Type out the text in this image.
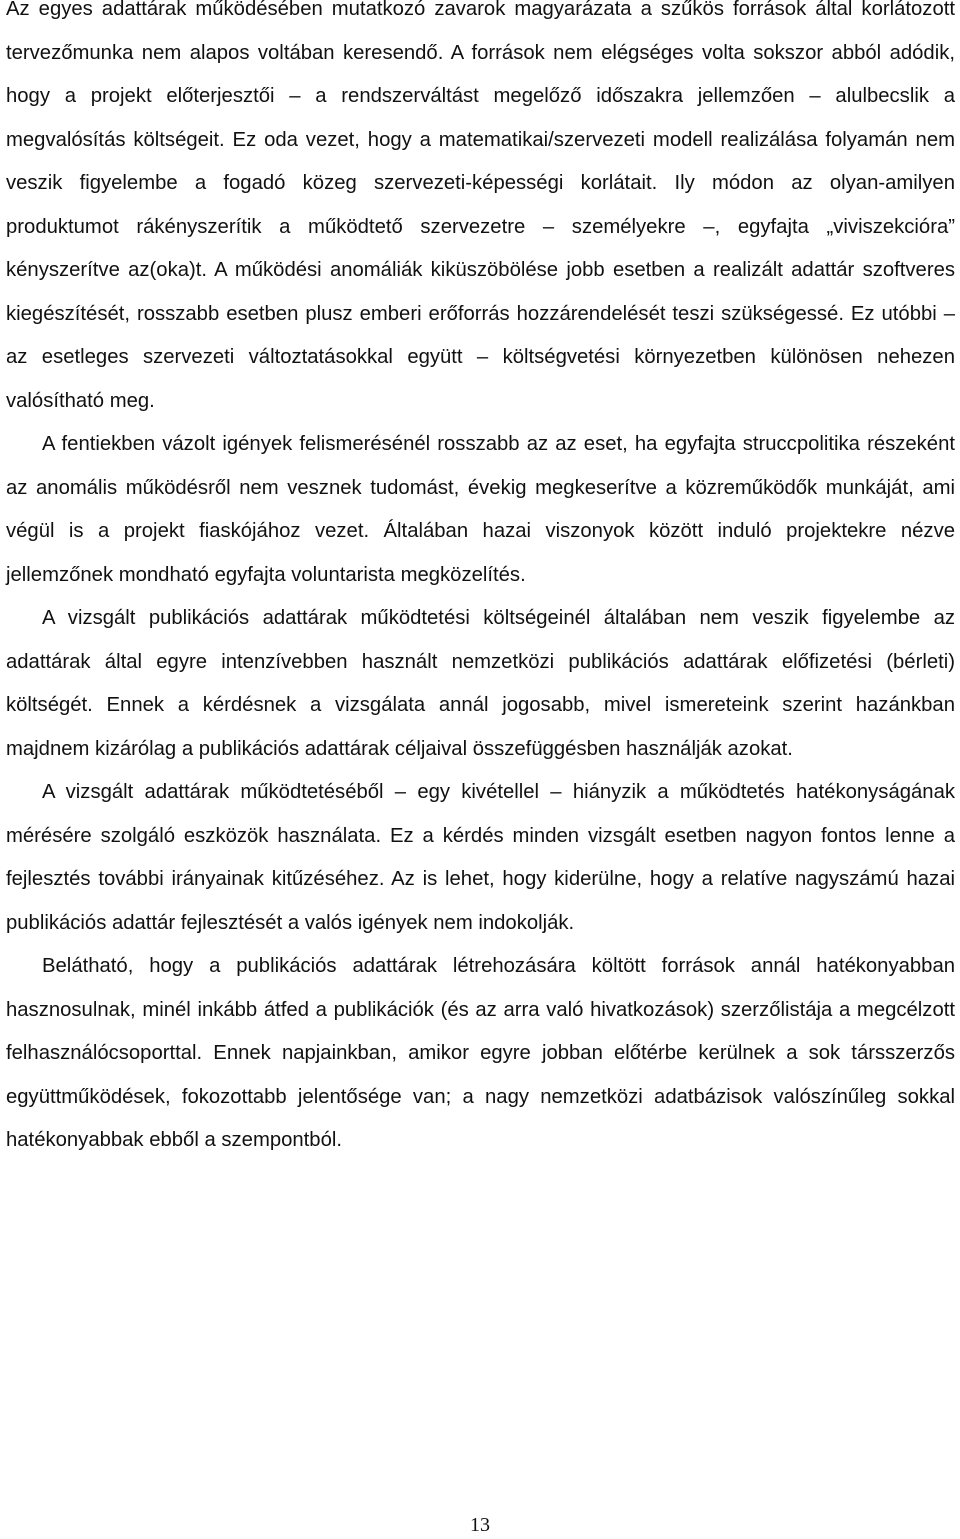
Az egyes adattárak működésében mutatkozó zavarok magyarázata a szűkös források által korlátozott tervezőmunka nem alapos voltában keresendő. A források nem elégséges volta sokszor abból adódik, hogy a projekt előterjesztői – a rendszerváltást megelőző időszakra jellemzően – alulbecslik a megvalósítás költségeit. Ez oda vezet, hogy a matematikai/szervezeti modell realizálása folyamán nem veszik figyelembe a fogadó közeg szervezeti-képességi korlátait. Ily módon az olyan-amilyen produktumot rákényszerítik a működtető szervezetre – személyekre –, egyfajta „viviszekcióra” kényszerítve az(oka)t. A működési anomáliák kiküszöbölése jobb esetben a realizált adattár szoftveres kiegészítését, rosszabb esetben plusz emberi erőforrás hozzárendelését teszi szükségessé. Ez utóbbi – az esetleges szervezeti változtatásokkal együtt – költségvetési környezetben különösen nehezen valósítható meg.

A fentiekben vázolt igények felismerésénél rosszabb az az eset, ha egyfajta struccpolitika részeként az anomális működésről nem vesznek tudomást, évekig megkeserítve a közreműködők munkáját, ami végül is a projekt fiaskójához vezet. Általában hazai viszonyok között induló projektekre nézve jellemzőnek mondható egyfajta voluntarista megközelítés.

A vizsgált publikációs adattárak működtetési költségeinél általában nem veszik figyelembe az adattárak által egyre intenzívebben használt nemzetközi publikációs adattárak előfizetési (bérleti) költségét. Ennek a kérdésnek a vizsgálata annál jogosabb, mivel ismereteink szerint hazánkban majdnem kizárólag a publikációs adattárak céljaival összefüggésben használják azokat.

A vizsgált adattárak működtetéséből – egy kivétellel – hiányzik a működtetés hatékonyságának mérésére szolgáló eszközök használata. Ez a kérdés minden vizsgált esetben nagyon fontos lenne a fejlesztés további irányainak kitűzéséhez. Az is lehet, hogy kiderülne, hogy a relatíve nagyszámú hazai publikációs adattár fejlesztését a valós igények nem indokolják.

Belátható, hogy a publikációs adattárak létrehozására költött források annál hatékonyabban hasznosulnak, minél inkább átfed a publikációk (és az arra való hivatkozások) szerzőlistája a megcélzott felhasználócsoporttal. Ennek napjainkban, amikor egyre jobban előtérbe kerülnek a sok társszerzős együttműködések, fokozottabb jelentősége van; a nagy nemzetközi adatbázisok valószínűleg sokkal hatékonyabbak ebből a szempontból.

13
